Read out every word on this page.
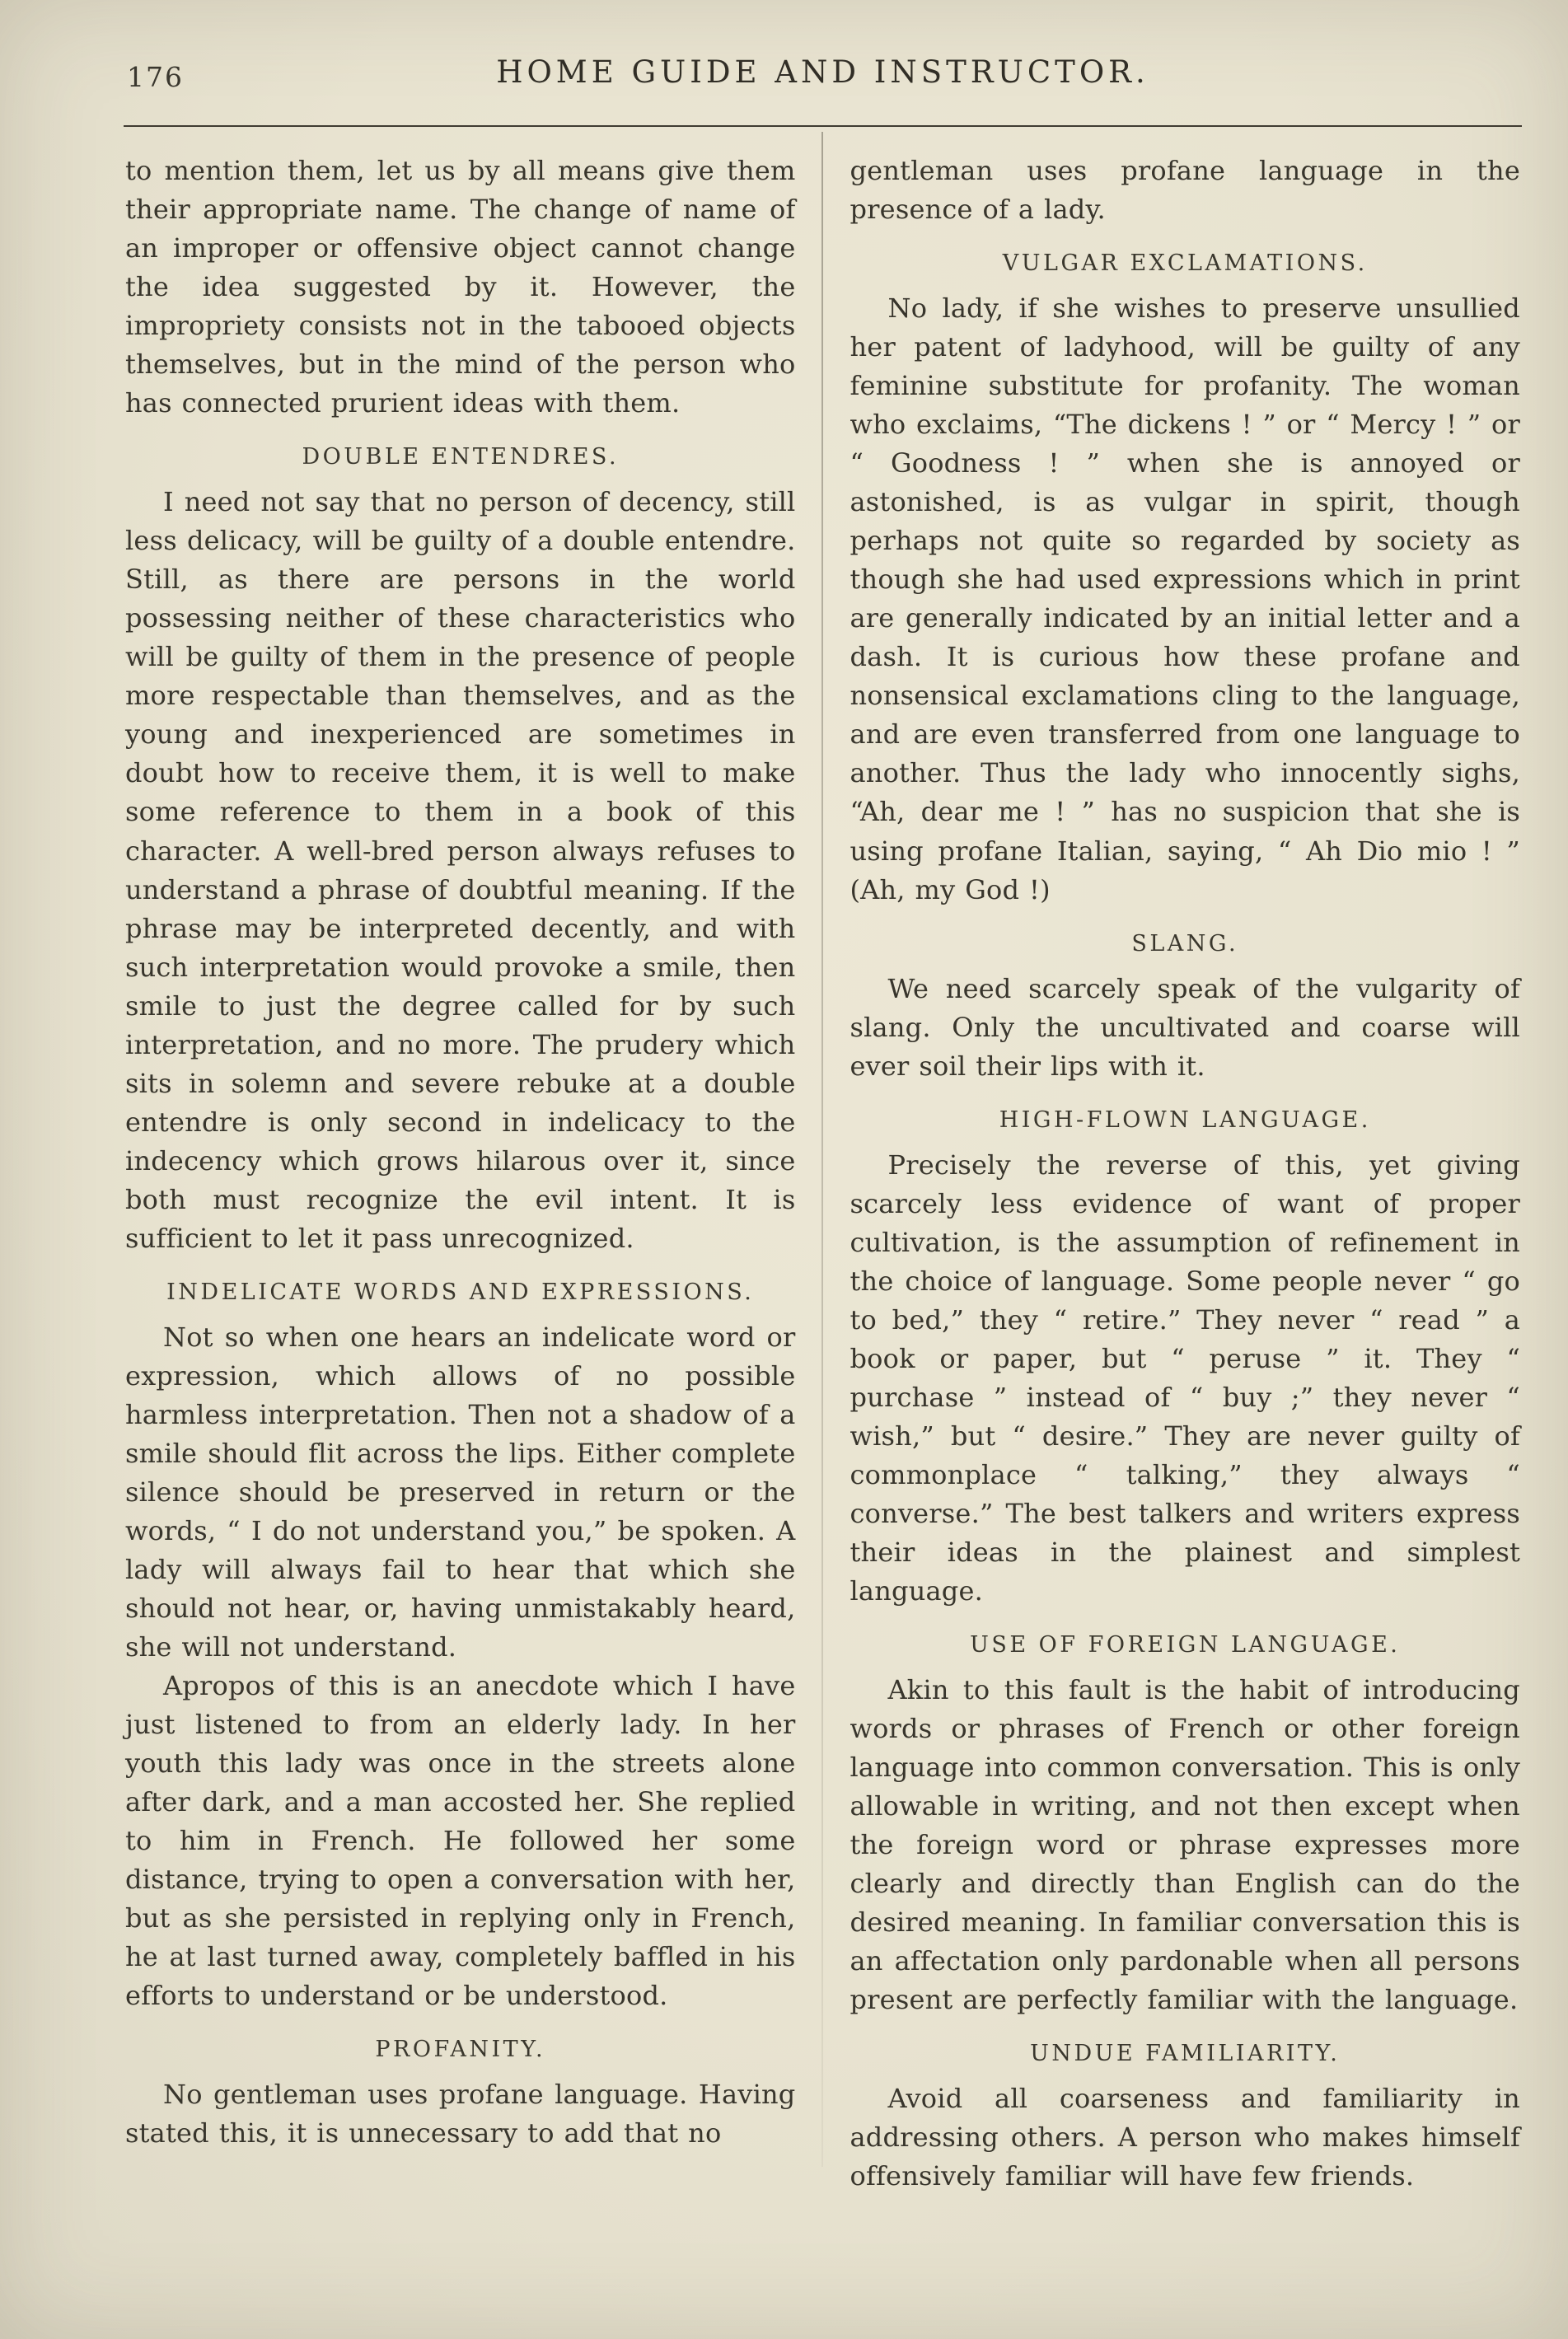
176	HOME GUIDE AND INSTRUCTOR.

to mention them, let us by all means give them their appropriate name. The change of name of an improper or offensive object cannot change the idea suggested by it. However, the impropriety consists not in the tabooed objects themselves, but in the mind of the person who has connected prurient ideas with them.

DOUBLE ENTENDRES.

I need not say that no person of decency, still less delicacy, will be guilty of a double entendre. Still, as there are persons in the world possessing neither of these characteristics who will be guilty of them in the presence of people more respectable than themselves, and as the young and inexperienced are sometimes in doubt how to receive them, it is well to make some reference to them in a book of this character. A well-bred person always refuses to understand a phrase of doubtful meaning. If the phrase may be interpreted decently, and with such interpretation would provoke a smile, then smile to just the degree called for by such interpretation, and no more. The prudery which sits in solemn and severe rebuke at a double entendre is only second in indelicacy to the indecency which grows hilarous over it, since both must recognize the evil intent. It is sufficient to let it pass unrecognized.

INDELICATE WORDS AND EXPRESSIONS.

Not so when one hears an indelicate word or expression, which allows of no possible harmless interpretation. Then not a shadow of a smile should flit across the lips. Either complete silence should be preserved in return or the words, “ I do not understand you,” be spoken. A lady will always fail to hear that which she should not hear, or, having unmistakably heard, she will not understand.

Apropos of this is an anecdote which I have just listened to from an elderly lady. In her youth this lady was once in the streets alone after dark, and a man accosted her. She replied to him in French. He followed her some distance, trying to open a conversation with her, but as she persisted in replying only in French, he at last turned away, completely baffled in his efforts to understand or be understood.

PROFANITY.

No gentleman uses profane language. Having stated this, it is unnecessary to add that no

gentleman uses profane language in the presence of a lady.

VULGAR EXCLAMATIONS.

No lady, if she wishes to preserve unsullied her patent of ladyhood, will be guilty of any feminine substitute for profanity. The woman who exclaims, “The dickens ! ” or “ Mercy ! ” or “ Goodness ! ” when she is annoyed or astonished, is as vulgar in spirit, though perhaps not quite so regarded by society as though she had used expressions which in print are generally indicated by an initial letter and a dash. It is curious how these profane and nonsensical exclamations cling to the language, and are even transferred from one language to another. Thus the lady who innocently sighs, “Ah, dear me ! ” has no suspicion that she is using profane Italian, saying, “ Ah Dio mio ! ” (Ah, my God !)

SLANG.

We need scarcely speak of the vulgarity of slang. Only the uncultivated and coarse will ever soil their lips with it.

HIGH-FLOWN LANGUAGE.

Precisely the reverse of this, yet giving scarcely less evidence of want of proper cultivation, is the assumption of refinement in the choice of language. Some people never “ go to bed,” they “ retire.” They never “ read ” a book or paper, but “ peruse ” it. They “ purchase ” instead of “ buy ;” they never “ wish,” but “ desire.” They are never guilty of commonplace “ talking,” they always “ converse.” The best talkers and writers express their ideas in the plainest and simplest language.

USE OF FOREIGN LANGUAGE.

Akin to this fault is the habit of introducing words or phrases of French or other foreign language into common conversation. This is only allowable in writing, and not then except when the foreign word or phrase expresses more clearly and directly than English can do the desired meaning. In familiar conversation this is an affectation only pardonable when all persons present are perfectly familiar with the language.

UNDUE FAMILIARITY.

Avoid all coarseness and familiarity in addressing others. A person who makes himself offensively familiar will have few friends.
